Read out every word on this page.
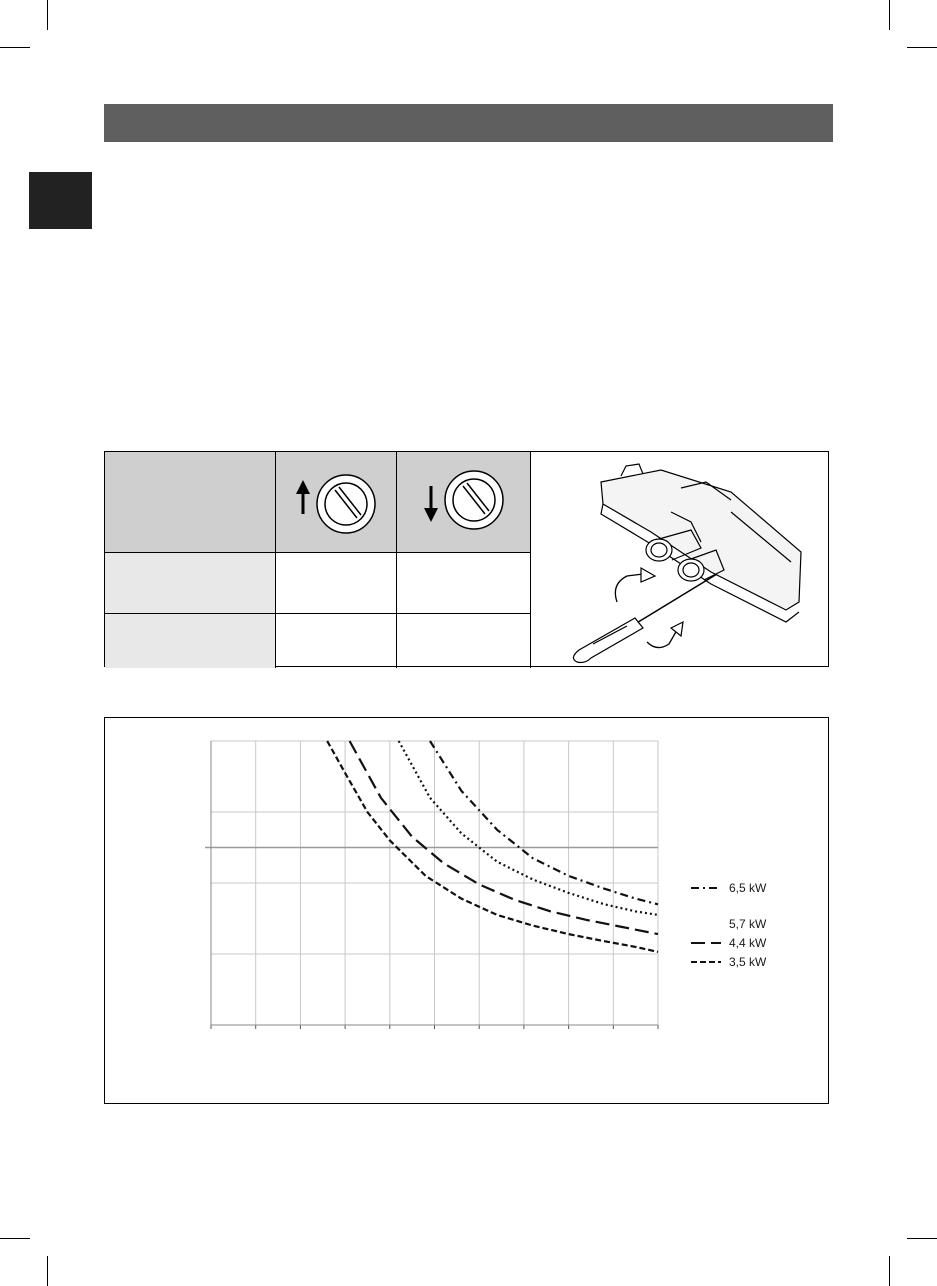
6,5 kW
5,7 kW
4,4 kW
3,5 kW
